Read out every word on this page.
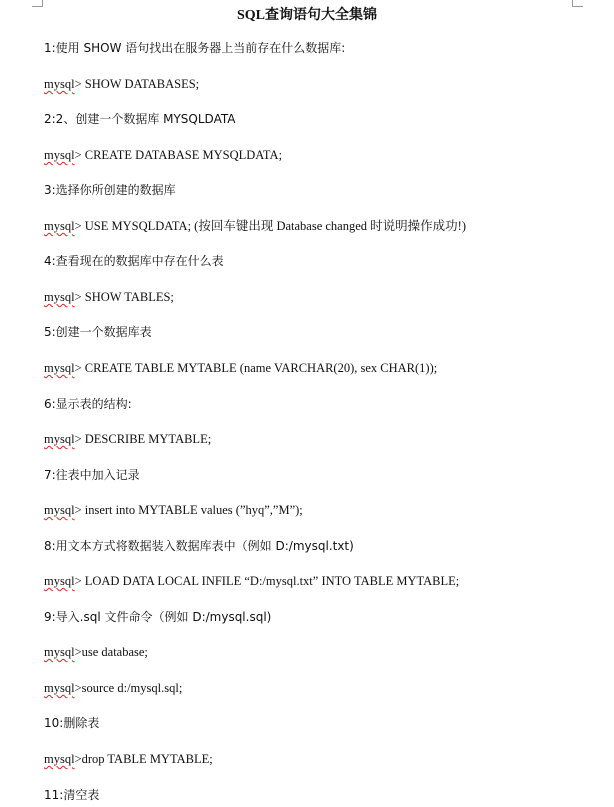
SQL查询语句大全集锦
1:使用 SHOW 语句找出在服务器上当前存在什么数据库:
mysql> SHOW DATABASES;
2:2、创建一个数据库 MYSQLDATA
mysql> CREATE DATABASE MYSQLDATA;
3:选择你所创建的数据库
mysql> USE MYSQLDATA; (按回车键出现 Database changed 时说明操作成功!)
4:查看现在的数据库中存在什么表
mysql> SHOW TABLES;
5:创建一个数据库表
mysql> CREATE TABLE MYTABLE (name VARCHAR(20), sex CHAR(1));
6:显示表的结构:
mysql> DESCRIBE MYTABLE;
7:往表中加入记录
mysql> insert into MYTABLE values (”hyq”,”M”);
8:用文本方式将数据装入数据库表中（例如 D:/mysql.txt)
mysql> LOAD DATA LOCAL INFILE “D:/mysql.txt” INTO TABLE MYTABLE;
9:导入.sql 文件命令（例如 D:/mysql.sql)
mysql>use database;
mysql>source d:/mysql.sql;
10:删除表
mysql>drop TABLE MYTABLE;
11:清空表
